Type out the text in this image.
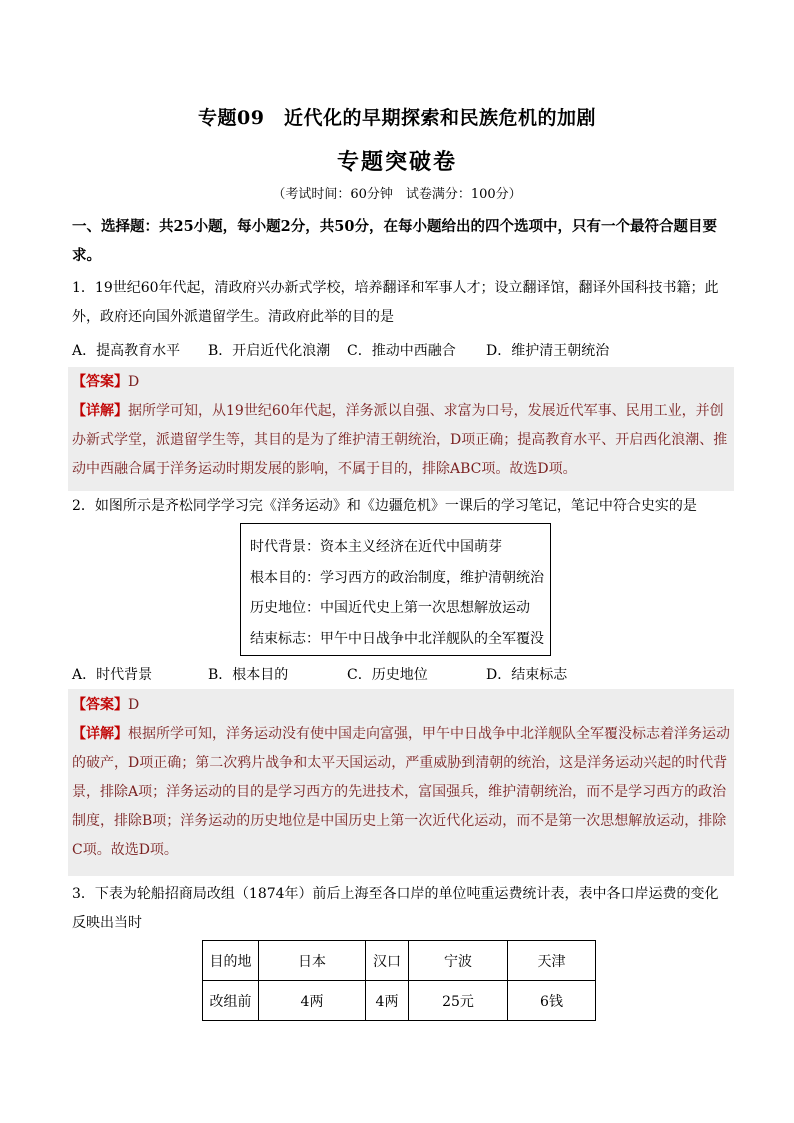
专题09　近代化的早期探索和民族危机的加剧
专题突破卷
（考试时间：60分钟　试卷满分：100分）
一、选择题：共25小题，每小题2分，共50分，在每小题给出的四个选项中，只有一个最符合题目要求。
1．19世纪60年代起，清政府兴办新式学校，培养翻译和军事人才；设立翻译馆，翻译外国科技书籍；此外，政府还向国外派遣留学生。清政府此举的目的是
A．提高教育水平 B．开启近代化浪潮 C．推动中西融合 D．维护清王朝统治
【答案】D
【详解】据所学可知，从19世纪60年代起，洋务派以自强、求富为口号，发展近代军事、民用工业，并创办新式学堂，派遣留学生等，其目的是为了维护清王朝统治，D项正确；提高教育水平、开启西化浪潮、推动中西融合属于洋务运动时期发展的影响，不属于目的，排除ABC项。故选D项。
2．如图所示是齐松同学学习完《洋务运动》和《边疆危机》一课后的学习笔记，笔记中符合史实的是
时代背景：资本主义经济在近代中国萌芽
根本目的：学习西方的政治制度，维护清朝统治
历史地位：中国近代史上第一次思想解放运动
结束标志：甲午中日战争中北洋舰队的全军覆没
A．时代背景	B．根本目的	C．历史地位	D．结束标志
【答案】D
【详解】根据所学可知，洋务运动没有使中国走向富强，甲午中日战争中北洋舰队全军覆没标志着洋务运动的破产，D项正确；第二次鸦片战争和太平天国运动，严重威胁到清朝的统治，这是洋务运动兴起的时代背景，排除A项；洋务运动的目的是学习西方的先进技术，富国强兵，维护清朝统治，而不是学习西方的政治制度，排除B项；洋务运动的历史地位是中国历史上第一次近代化运动，而不是第一次思想解放运动，排除C项。故选D项。
3．下表为轮船招商局改组（1874年）前后上海至各口岸的单位吨重运费统计表，表中各口岸运费的变化反映出当时
目的地	日本	汉口	宁波	天津
改组前	4两	4两	25元	6钱
